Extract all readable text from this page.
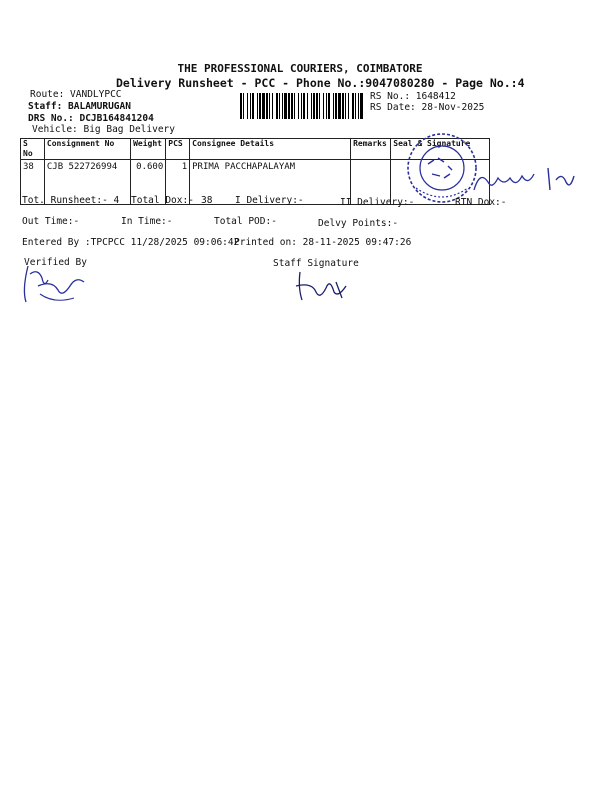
THE PROFESSIONAL COURIERS, COIMBATORE
Delivery Runsheet - PCC - Phone No.:9047080280 - Page No.:4
Route: VANDLYPCC
Staff: BALAMURUGAN
DRS No.: DCJB164841204
Vehicle: Big Bag Delivery
RS No.: 1648412
RS Date: 28-Nov-2025
S No	Consignment No	Weight	PCS	Consignee Details	Remarks	Seal & Signature
38	CJB 522726994	0.600	1	PRIMA PACCHAPALAYAM		
Tot. Runsheet:- 4 Total Dox:- 38 I Delivery:-	II Delivery:-	RTN Dox:-
Out Time:-	In Time:-	Total POD:-	Delvy Points:-
Entered By :TPCPCC 11/28/2025 09:06:42
Printed on: 28-11-2025 09:47:26
Verified By	Staff Signature
